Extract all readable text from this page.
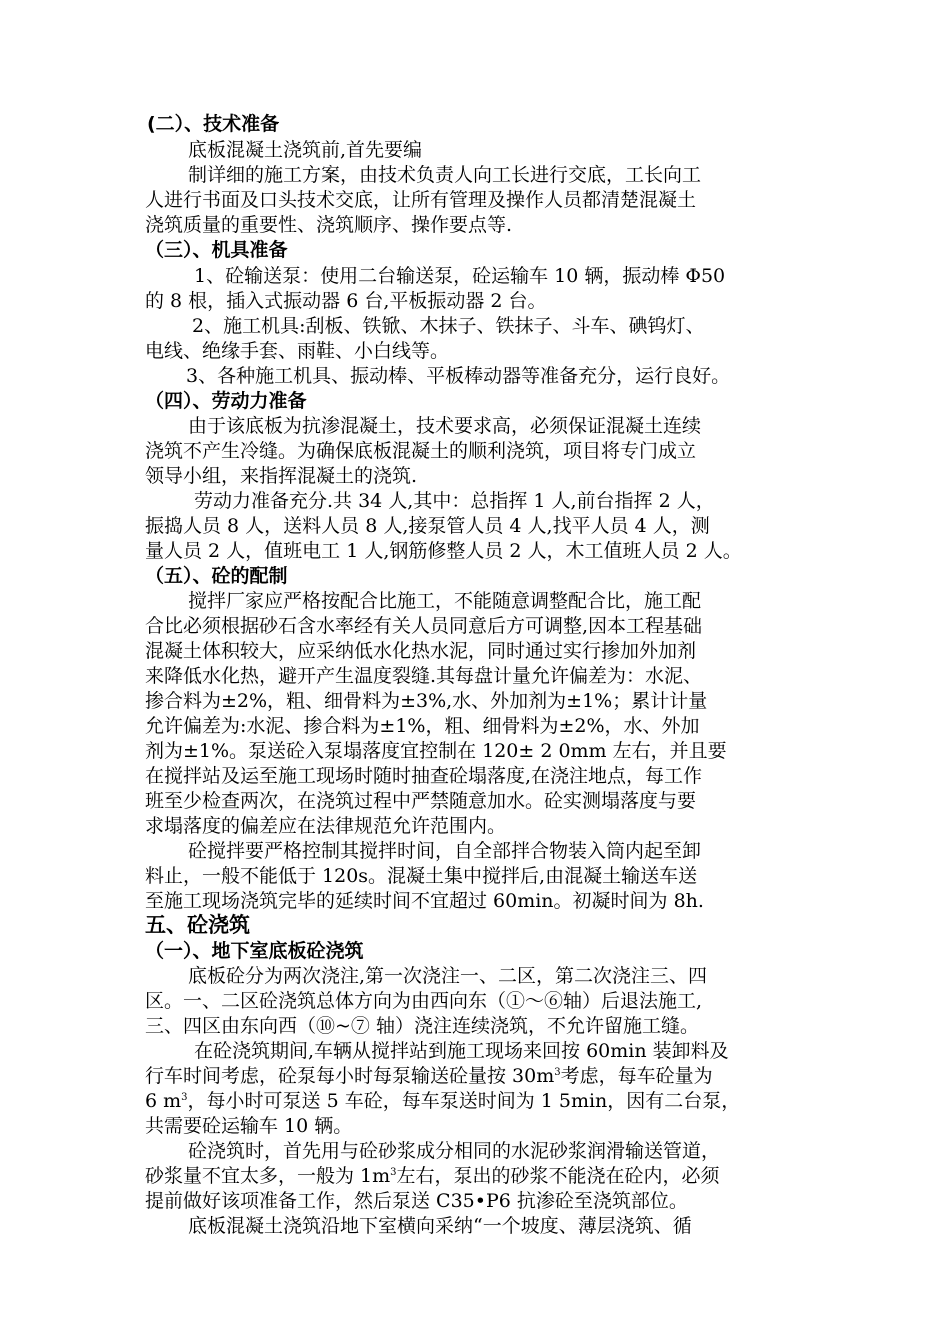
(二）、技术准备
底板混凝土浇筑前,首先要编
制详细的施工方案，由技术负责人向工长进行交底，工长向工
人进行书面及口头技术交底，让所有管理及操作人员都清楚混凝土
浇筑质量的重要性、浇筑顺序、操作要点等.
（三）、机具准备
1、砼输送泵：使用二台输送泵，砼运输车 10 辆，振动棒 Φ50
的 8 根，插入式振动器 6 台,平板振动器 2 台。
2、施工机具:刮板、铁锨、木抹子、铁抹子、斗车、碘钨灯、
电线、绝缘手套、雨鞋、小白线等。
3、各种施工机具、振动棒、平板棒动器等准备充分，运行良好。
（四）、劳动力准备
由于该底板为抗渗混凝土，技术要求高，必须保证混凝土连续
浇筑不产生冷缝。为确保底板混凝土的顺利浇筑，项目将专门成立
领导小组，来指挥混凝土的浇筑.
劳动力准备充分.共 34 人,其中：总指挥 1 人,前台指挥 2 人，
振捣人员 8 人，送料人员 8 人,接泵管人员 4 人,找平人员 4 人，测
量人员 2 人，值班电工 1 人,钢筋修整人员 2 人，木工值班人员 2 人。
（五）、砼的配制
搅拌厂家应严格按配合比施工，不能随意调整配合比，施工配
合比必须根据砂石含水率经有关人员同意后方可调整,因本工程基础
混凝土体积较大，应采纳低水化热水泥，同时通过实行掺加外加剂
来降低水化热，避开产生温度裂缝.其每盘计量允许偏差为：水泥、
掺合料为±2%，粗、细骨料为±3%,水、外加剂为±1%；累计计量
允许偏差为:水泥、掺合料为±1%，粗、细骨料为±2%，水、外加
剂为±1%。泵送砼入泵塌落度宜控制在 120± 2 0mm 左右，并且要
在搅拌站及运至施工现场时随时抽查砼塌落度,在浇注地点，每工作
班至少检查两次，在浇筑过程中严禁随意加水。砼实测塌落度与要
求塌落度的偏差应在法律规范允许范围内。
砼搅拌要严格控制其搅拌时间，自全部拌合物装入筒内起至卸
料止，一般不能低于 120s。混凝土集中搅拌后,由混凝土输送车送
至施工现场浇筑完毕的延续时间不宜超过 60min。初凝时间为 8h.
五、砼浇筑
（一）、地下室底板砼浇筑
底板砼分为两次浇注,第一次浇注一、二区，第二次浇注三、四
区。一、二区砼浇筑总体方向为由西向东（①～⑥轴）后退法施工,
三、四区由东向西（⑩~⑦ 轴）浇注连续浇筑，不允许留施工缝。
在砼浇筑期间,车辆从搅拌站到施工现场来回按 60min 装卸料及
行车时间考虑，砼泵每小时每泵输送砼量按 $30m^3$考虑，每车砼量为
6 $m^3$，每小时可泵送 5 车砼，每车泵送时间为 1 5min，因有二台泵，
共需要砼运输车 10 辆。
砼浇筑时，首先用与砼砂浆成分相同的水泥砂浆润滑输送管道，
砂浆量不宜太多，一般为 $1m^3$左右，泵出的砂浆不能浇在砼内，必须
提前做好该项准备工作，然后泵送 C35•P6 抗渗砼至浇筑部位。
底板混凝土浇筑沿地下室横向采纳“一个坡度、薄层浇筑、循
